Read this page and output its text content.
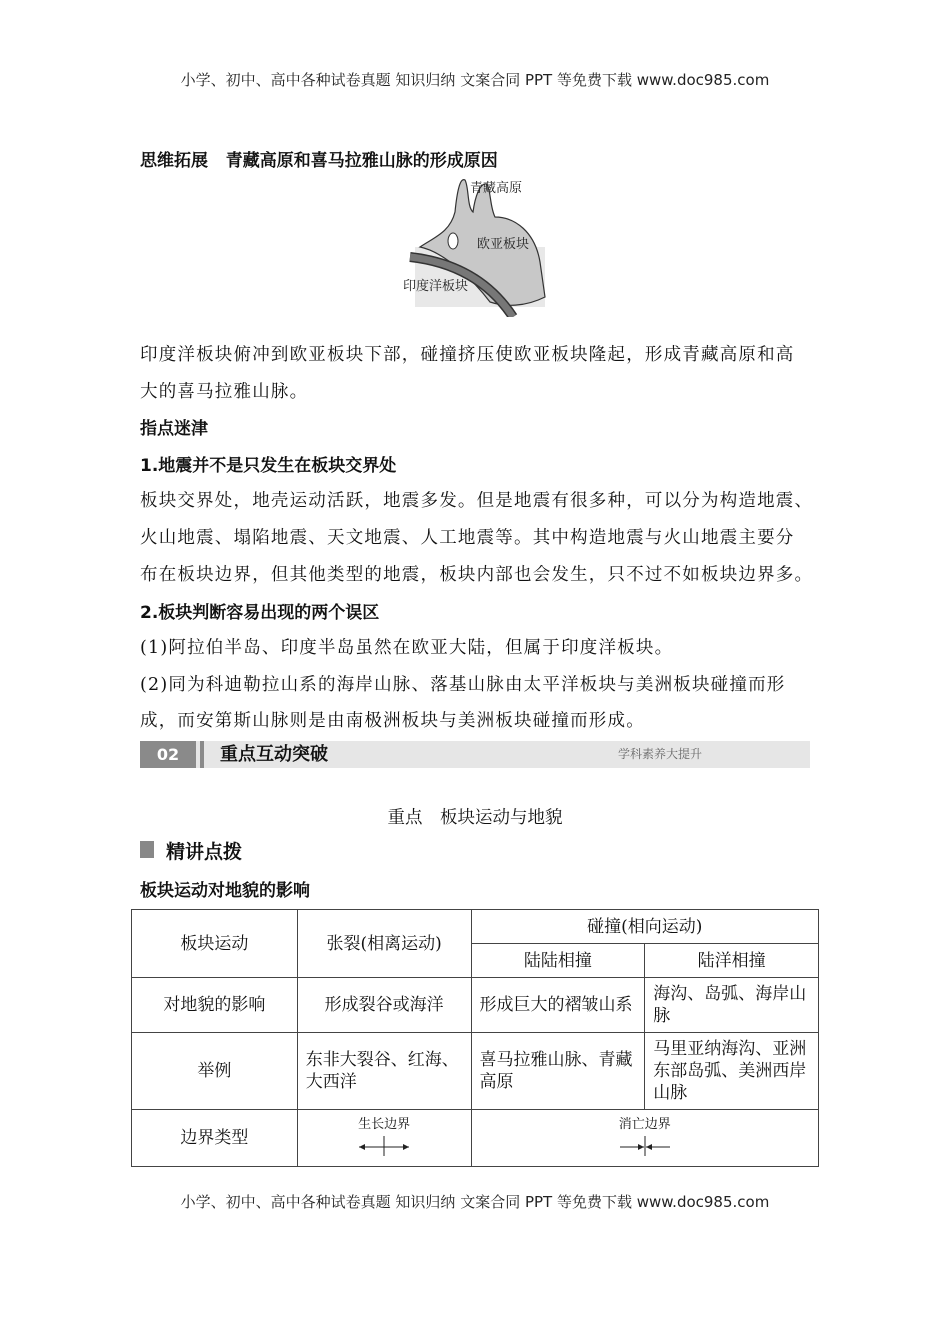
小学、初中、高中各种试卷真题 知识归纳 文案合同 PPT 等免费下载 www.doc985.com
思维拓展 青藏高原和喜马拉雅山脉的形成原因
青藏高原
欧亚板块
印度洋板块
印度洋板块俯冲到欧亚板块下部，碰撞挤压使欧亚板块隆起，形成青藏高原和高
大的喜马拉雅山脉。
指点迷津
1.地震并不是只发生在板块交界处
板块交界处，地壳运动活跃，地震多发。但是地震有很多种，可以分为构造地震、
火山地震、塌陷地震、天文地震、人工地震等。其中构造地震与火山地震主要分
布在板块边界，但其他类型的地震，板块内部也会发生，只不过不如板块边界多。
2.板块判断容易出现的两个误区
(1)阿拉伯半岛、印度半岛虽然在欧亚大陆，但属于印度洋板块。
(2)同为科迪勒拉山系的海岸山脉、落基山脉由太平洋板块与美洲板块碰撞而形
成，而安第斯山脉则是由南极洲板块与美洲板块碰撞而形成。
02	重点互动突破	学科素养大提升
重点　板块运动与地貌
精讲点拨
板块运动对地貌的影响
板块运动	张裂(相离运动)	碰撞(相向运动)	
		陆陆相撞	陆洋相撞
对地貌的影响	形成裂谷或海洋	形成巨大的褶皱山系	海沟、岛弧、海岸山脉
举例	东非大裂谷、红海、大西洋	喜马拉雅山脉、青藏高原	马里亚纳海沟、亚洲东部岛弧、美洲西岸山脉
边界类型	生长边界	消亡边界	
小学、初中、高中各种试卷真题 知识归纳 文案合同 PPT 等免费下载 www.doc985.com
